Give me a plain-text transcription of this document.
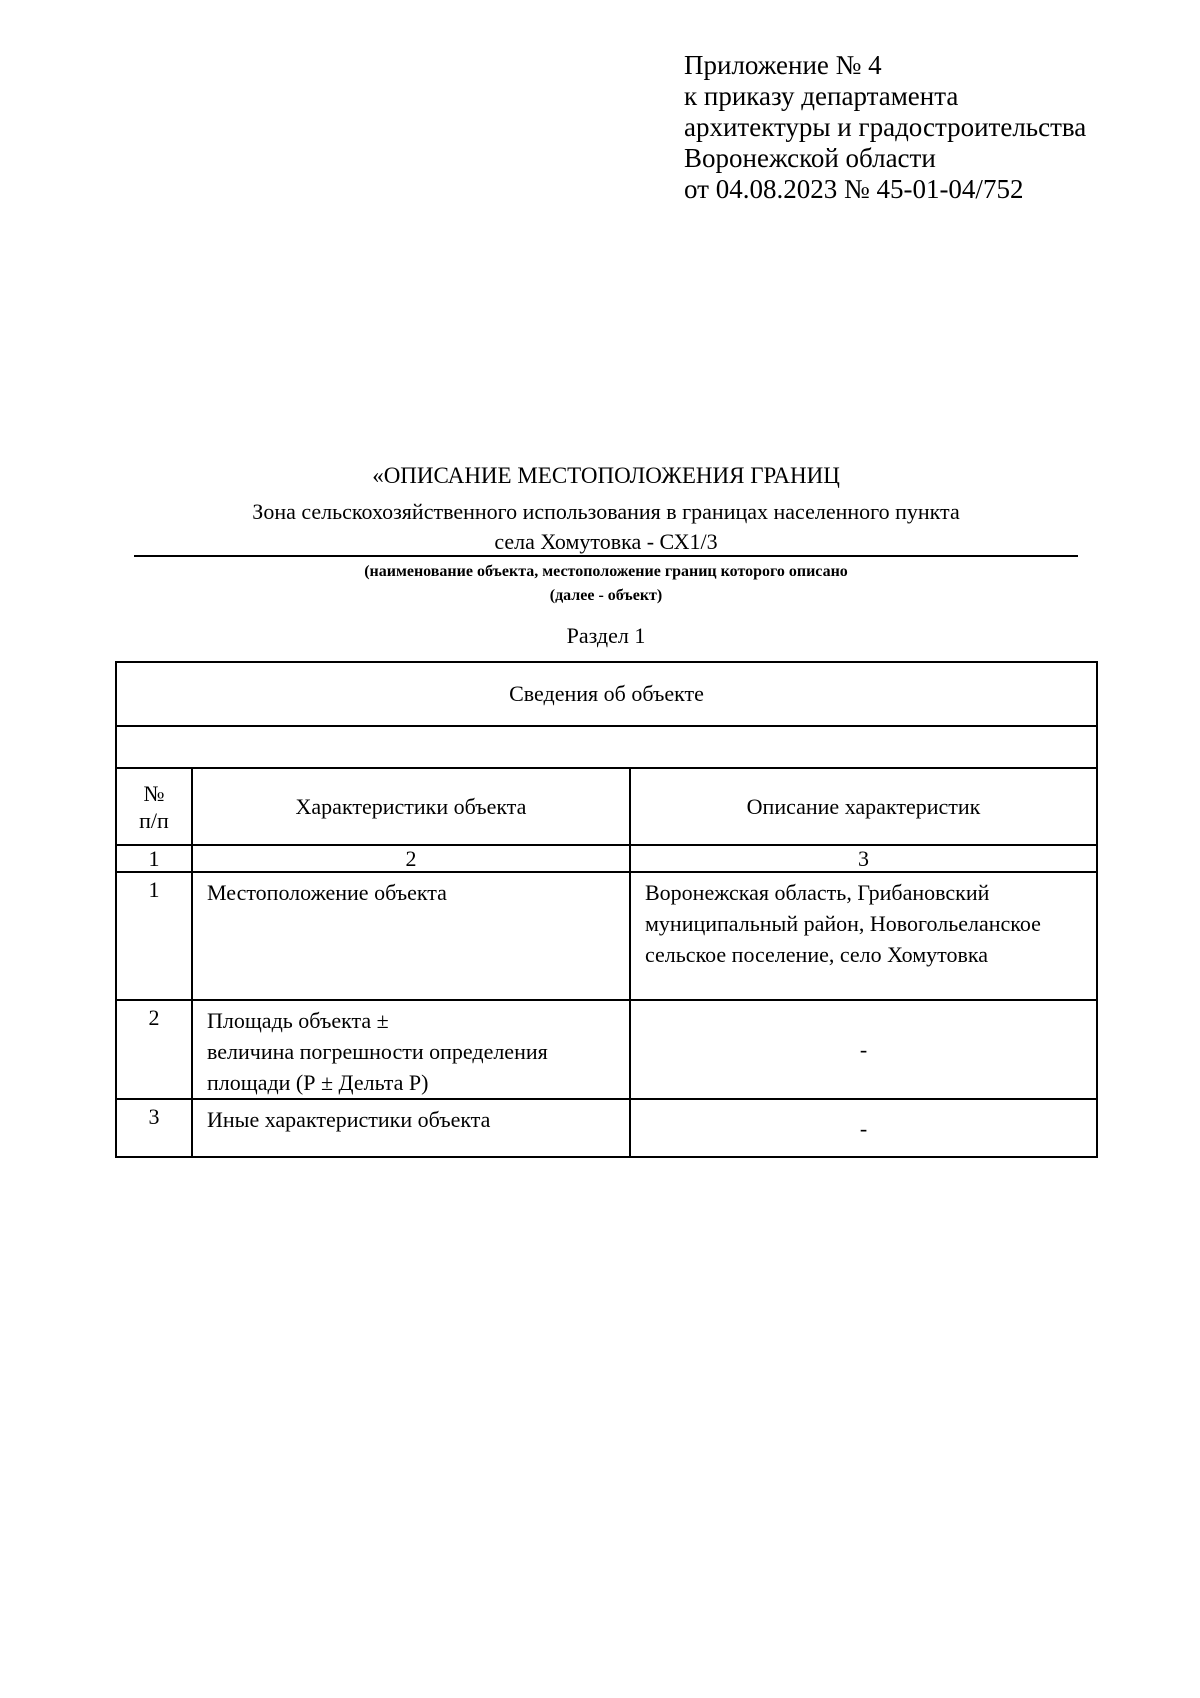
Приложение № 4
к приказу департамента
архитектуры и градостроительства
Воронежской области
от 04.08.2023 № 45-01-04/752
«ОПИСАНИЕ МЕСТОПОЛОЖЕНИЯ ГРАНИЦ
Зона сельскохозяйственного использования в границах населенного пункта
села Хомутовка - СХ1/3
(наименование объекта, местоположение границ которого описано
(далее - объект)
Раздел 1
Сведения об объекте		

№
п/п	Характеристики объекта	Описание характеристик
1	2	3
1	Местоположение объекта	Воронежская область, Грибановский
муниципальный район, Новогольеланское
сельское поселение, село Хомутовка

2	Площадь объекта ±
величина погрешности определения
площади (Р ± Дельта Р)	-

3	Иные характеристики объекта	-
